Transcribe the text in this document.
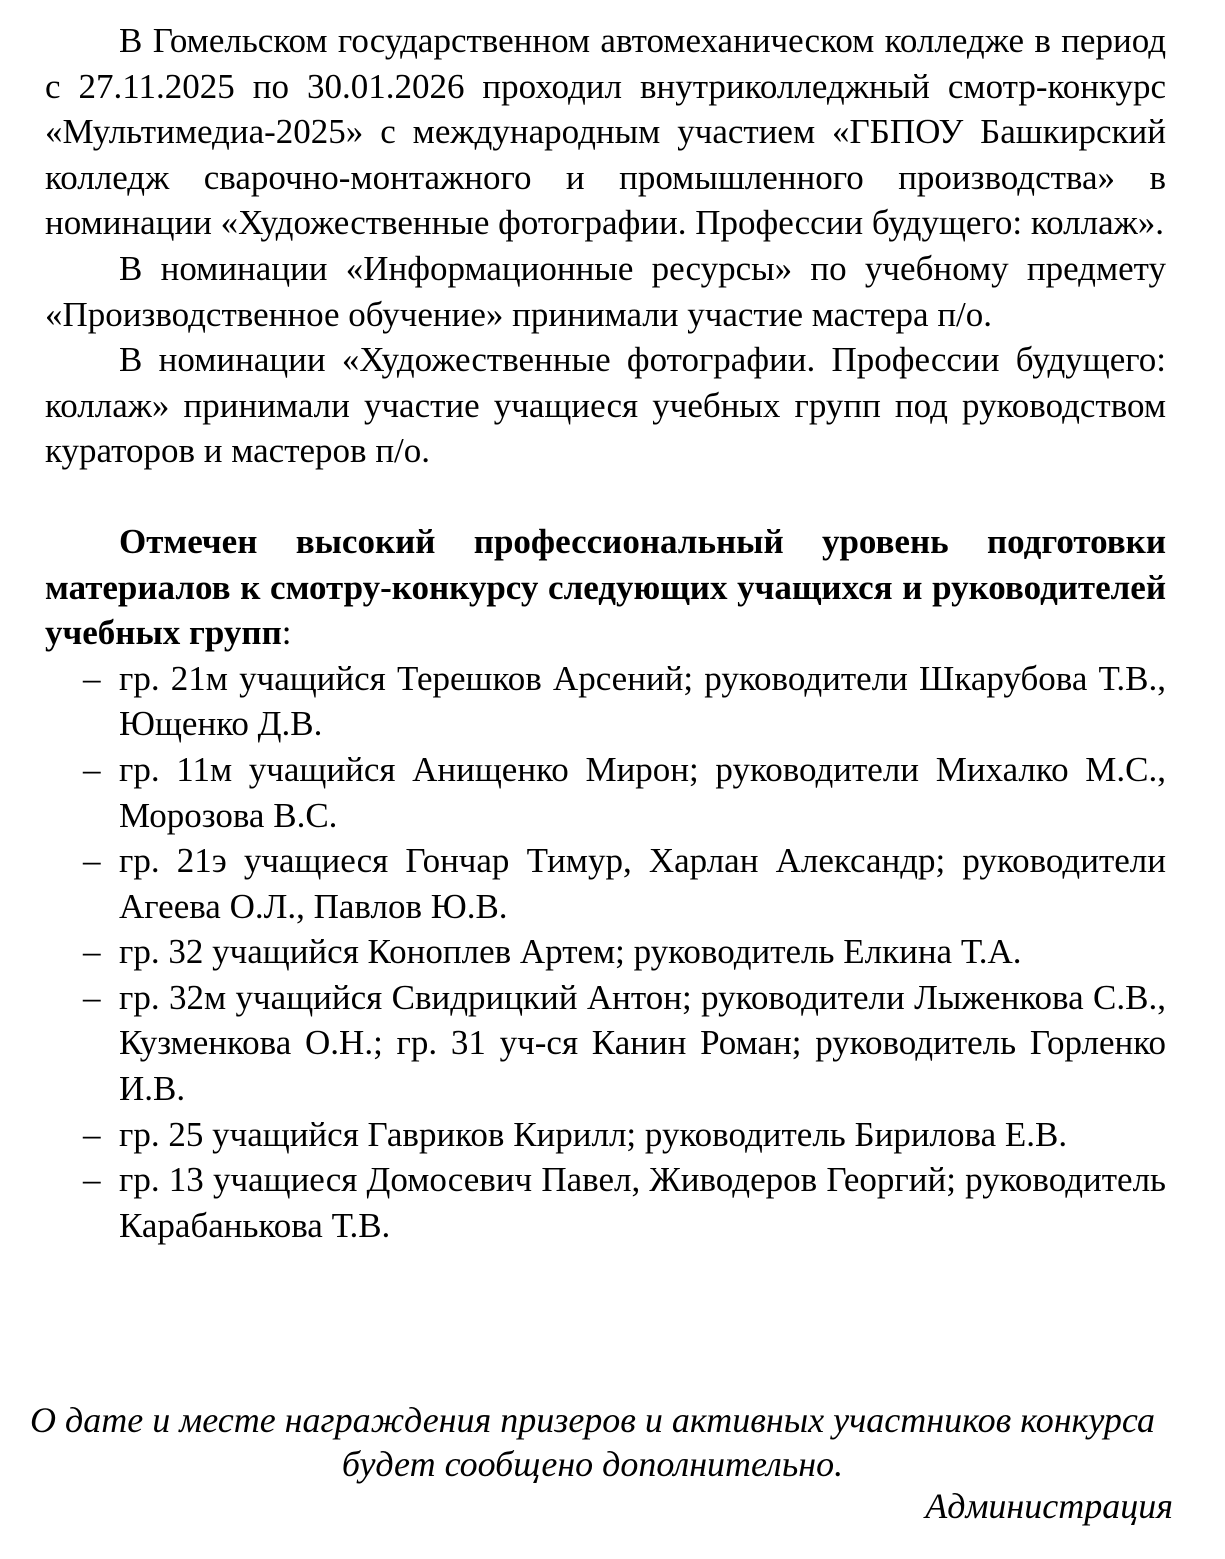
В Гомельском государственном автомеханическом колледже в период с 27.11.2025 по 30.01.2026 проходил внутриколледжный смотр-конкурс «Мультимедиа-2025» с международным участием «ГБПОУ Башкирский колледж сварочно-монтажного и промышленного производства» в номинации «Художественные фотографии. Профессии будущего: коллаж».

В номинации «Информационные ресурсы» по учебному предмету «Производственное обучение» принимали участие мастера п/о.

В номинации «Художественные фотографии. Профессии будущего: коллаж» принимали участие учащиеся учебных групп под руководством кураторов и мастеров п/о.

Отмечен высокий профессиональный уровень подготовки материалов к смотру-конкурсу следующих учащихся и руководителей учебных групп:

– гр. 21м учащийся Терешков Арсений; руководители Шкарубова Т.В., Ющенко Д.В.
– гр. 11м учащийся Анищенко Мирон; руководители Михалко М.С., Морозова В.С.
– гр. 21э учащиеся Гончар Тимур, Харлан Александр; руководители Агеева О.Л., Павлов Ю.В.
– гр. 32 учащийся Коноплев Артем; руководитель Елкина Т.А.
– гр. 32м учащийся Свидрицкий Антон; руководители Лыженкова С.В., Кузменкова О.Н.; гр. 31 уч-ся Канин Роман; руководитель Горленко И.В.
– гр. 25 учащийся Гавриков Кирилл; руководитель Бирилова Е.В.
– гр. 13 учащиеся Домосевич Павел, Живодеров Георгий; руководитель Карабанькова Т.В.
О дате и месте награждения призеров и активных участников конкурса будет сообщено дополнительно.
Администрация
